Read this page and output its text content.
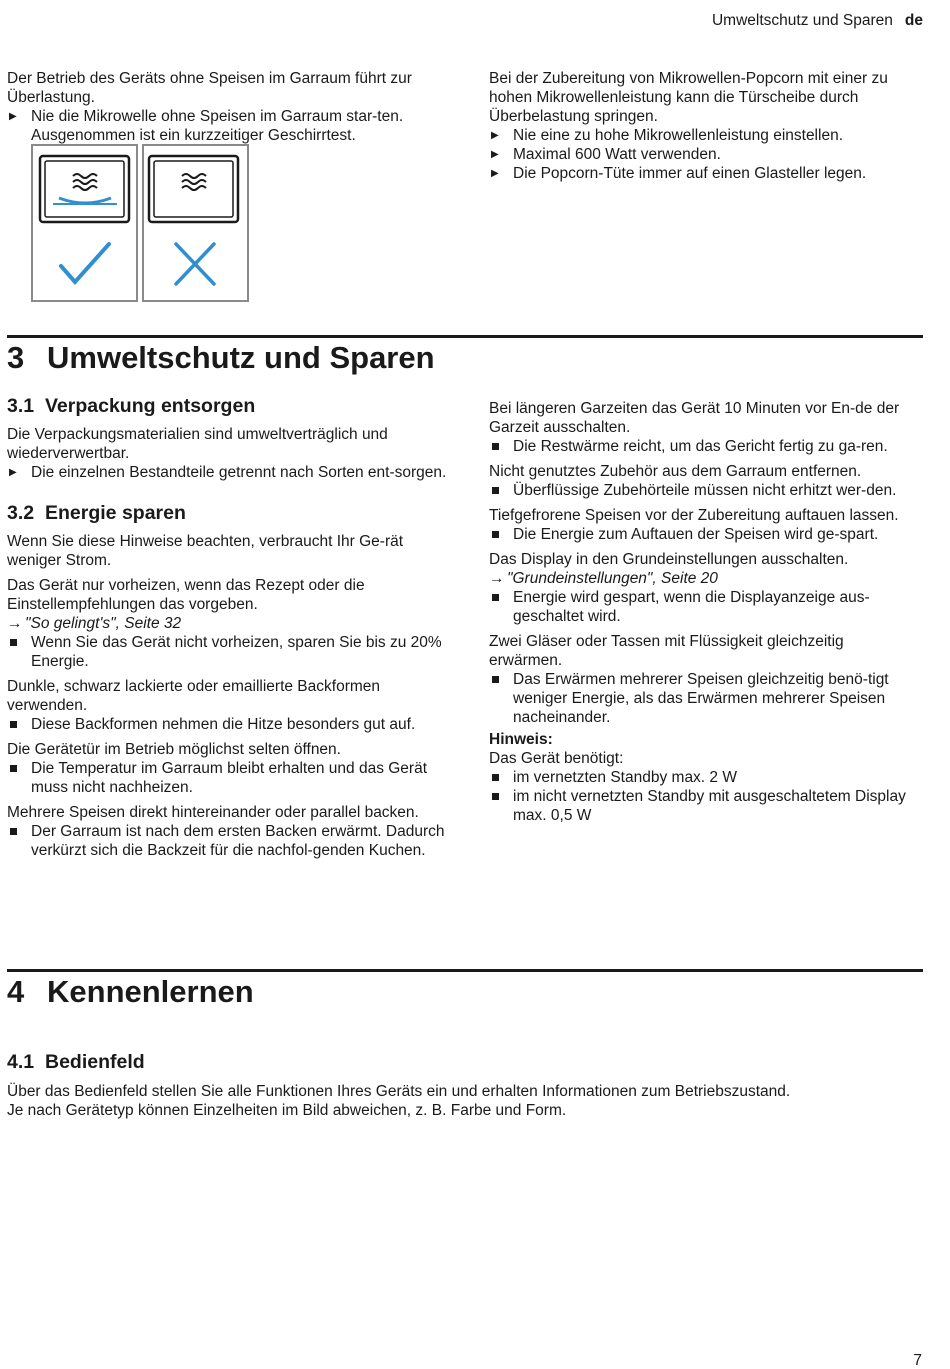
Umweltschutz und Sparen de

Der Betrieb des Geräts ohne Speisen im Garraum führt zur Überlastung.

▶ Nie die Mikrowelle ohne Speisen im Garraum star-ten. Ausgenommen ist ein kurzzeitiger Geschirrtest.

Bei der Zubereitung von Mikrowellen-Popcorn mit einer zu hohen Mikrowellenleistung kann die Türscheibe durch Überbelastung springen.

▶ Nie eine zu hohe Mikrowellenleistung einstellen.
▶ Maximal 600 Watt verwenden.
▶ Die Popcorn-Tüte immer auf einen Glasteller legen.
3 Umweltschutz und Sparen
3.1 Verpackung entsorgen

Die Verpackungsmaterialien sind umweltverträglich und wiederverwertbar.

▶ Die einzelnen Bestandteile getrennt nach Sorten ent-sorgen.
3.2 Energie sparen

Wenn Sie diese Hinweise beachten, verbraucht Ihr Ge-rät weniger Strom.

Das Gerät nur vorheizen, wenn das Rezept oder die Einstellempfehlungen das vorgeben.

→ "So gelingt's", Seite 32
Wenn Sie das Gerät nicht vorheizen, sparen Sie bis zu 20% Energie.

Dunkle, schwarz lackierte oder emaillierte Backformen verwenden.

Diese Backformen nehmen die Hitze besonders gut auf.

Die Gerätetür im Betrieb möglichst selten öffnen.

Die Temperatur im Garraum bleibt erhalten und das Gerät muss nicht nachheizen.

Mehrere Speisen direkt hintereinander oder parallel backen.

Der Garraum ist nach dem ersten Backen erwärmt. Dadurch verkürzt sich die Backzeit für die nachfol-genden Kuchen.

Bei längeren Garzeiten das Gerät 10 Minuten vor En-de der Garzeit ausschalten.

Die Restwärme reicht, um das Gericht fertig zu ga-ren.

Nicht genutztes Zubehör aus dem Garraum entfernen.

Überflüssige Zubehörteile müssen nicht erhitzt wer-den.

Tiefgefrorene Speisen vor der Zubereitung auftauen lassen.

Die Energie zum Auftauen der Speisen wird ge-spart.

Das Display in den Grundeinstellungen ausschalten.

→ "Grundeinstellungen", Seite 20
Energie wird gespart, wenn die Displayanzeige aus-geschaltet wird.

Zwei Gläser oder Tassen mit Flüssigkeit gleichzeitig erwärmen.

Das Erwärmen mehrerer Speisen gleichzeitig benö-tigt weniger Energie, als das Erwärmen mehrerer Speisen nacheinander.

Hinweis:

Das Gerät benötigt:

im vernetzten Standby max. 2 W
im nicht vernetzten Standby mit ausgeschaltetem Display max. 0,5 W
4 Kennenlernen
4.1 Bedienfeld

Über das Bedienfeld stellen Sie alle Funktionen Ihres Geräts ein und erhalten Informationen zum Betriebszustand.

Je nach Gerätetyp können Einzelheiten im Bild abweichen, z. B. Farbe und Form.

7
